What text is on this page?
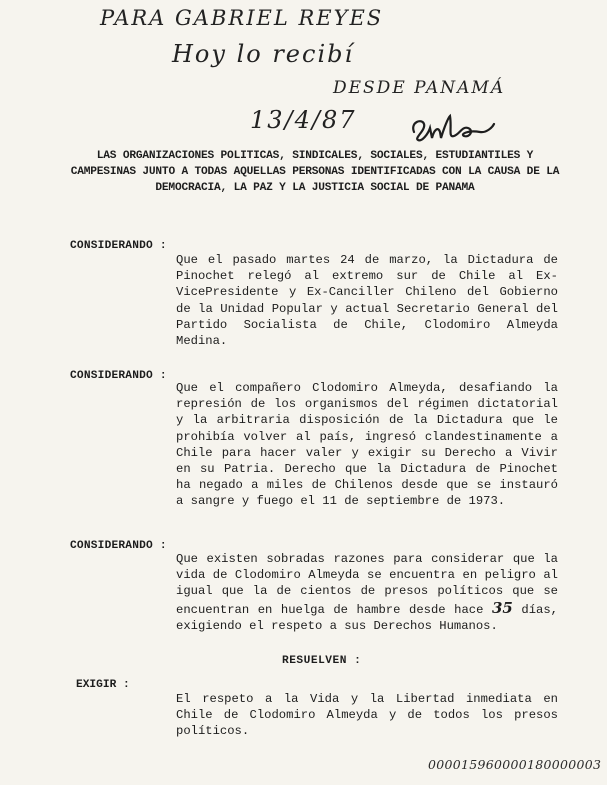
PARA GABRIEL REYES
Hoy lo recibí
DESDE PANAMÁ
13/4/87
LAS ORGANIZACIONES POLITICAS, SINDICALES, SOCIALES, ESTUDIANTILES Y CAMPESINAS JUNTO A TODAS AQUELLAS PERSONAS IDENTIFICADAS CON LA CAUSA DE LA DEMOCRACIA, LA PAZ Y LA JUSTICIA SOCIAL DE PANAMA
CONSIDERANDO :
Que el pasado martes 24 de marzo, la Dictadura de Pinochet relegó al extremo sur de Chile al Ex-VicePresidente y Ex-Canciller Chileno del Gobierno de la Unidad Popular y actual Secretario General del Partido Socialista de Chile, Clodomiro Almeyda Medina.
CONSIDERANDO :
Que el compañero Clodomiro Almeyda, desafiando la represión de los organismos del régimen dictatorial y la arbitraria disposición de la Dictadura que le prohibía volver al país, ingresó clandestinamente a Chile para hacer valer y exigir su Derecho a Vivir en su Patria. Derecho que la Dictadura de Pinochet ha negado a miles de Chilenos desde que se instauró a sangre y fuego el 11 de septiembre de 1973.
CONSIDERANDO :
Que existen sobradas razones para considerar que la vida de Clodomiro Almeyda se encuentra en peligro al igual que la de cientos de presos políticos que se encuentran en huelga de hambre desde hace 35 días, exigiendo el respeto a sus Derechos Humanos.
RESUELVEN :
EXIGIR :
El respeto a la Vida y la Libertad inmediata en Chile de Clodomiro Almeyda y de todos los presos políticos.
000015960000180000003
